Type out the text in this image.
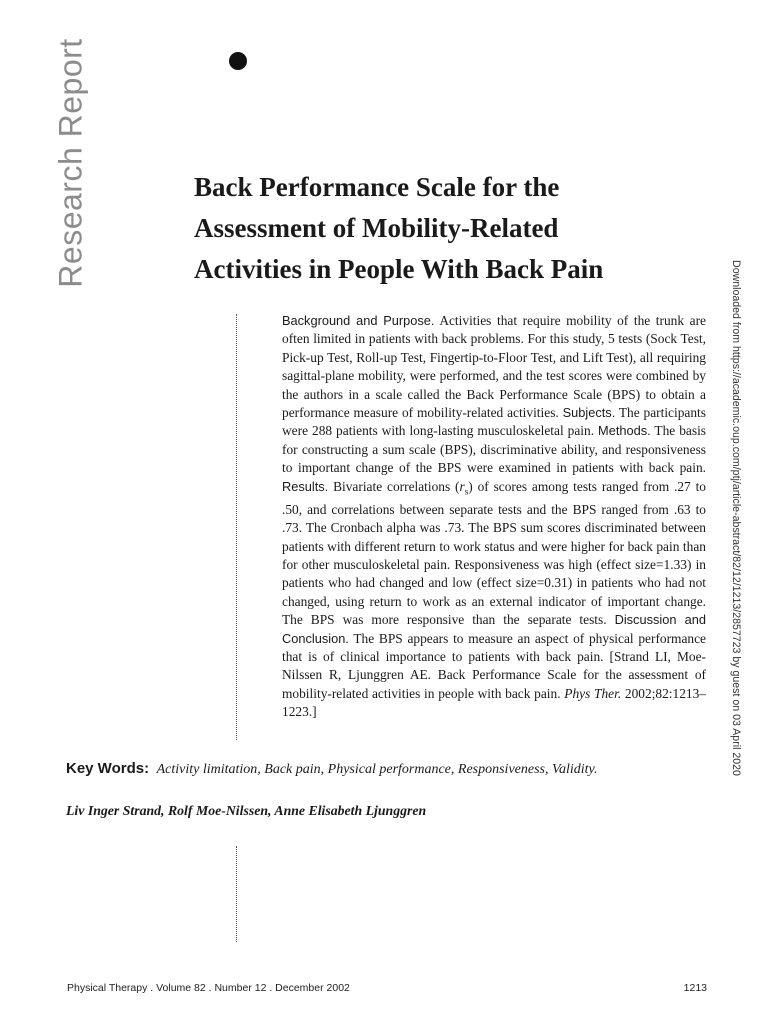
Research Report	Back Performance Scale for the
Assessment of Mobility-Related
Activities in People With Back Pain
Background and Purpose. Activities that require mobility of the trunk are often limited in patients with back problems. For this study, 5 tests (Sock Test, Pick-up Test, Roll-up Test, Fingertip-to-Floor Test, and Lift Test), all requiring sagittal-plane mobility, were performed, and the test scores were combined by the authors in a scale called the Back Performance Scale (BPS) to obtain a performance measure of mobility-related activities. Subjects. The participants were 288 patients with long-lasting musculoskeletal pain. Methods. The basis for constructing a sum scale (BPS), discriminative ability, and responsiveness to important change of the BPS were examined in patients with back pain. Results. Bivariate correlations $(r_s)$ of scores among tests ranged from .27 to .50, and correlations between separate tests and the BPS ranged from .63 to .73. The Cronbach alpha was .73. The BPS sum scores discriminated between patients with different return to work status and were higher for back pain than for other musculoskeletal pain. Responsiveness was high (effect size=1.33) in patients who had changed and low (effect size=0.31) in patients who had not changed, using return to work as an external indicator of important change. The BPS was more responsive than the separate tests. Discussion and Conclusion. The BPS appears to measure an aspect of physical performance that is of clinical importance to patients with back pain. [Strand LI, Moe-Nilssen R, Ljunggren AE. Back Performance Scale for the assessment of mobility-related activities in people with back pain. Phys Ther. 2002;82:1213–1223.]
Key Words: Activity limitation, Back pain, Physical performance, Responsiveness, Validity.
Liv Inger Strand, Rolf Moe-Nilssen, Anne Elisabeth Ljunggren
Downloaded from https://academic.oup.com/ptj/article-abstract/82/12/1213/2857723 by guest on 03 April 2020
Physical Therapy . Volume 82 . Number 12 . December 2002	1213
